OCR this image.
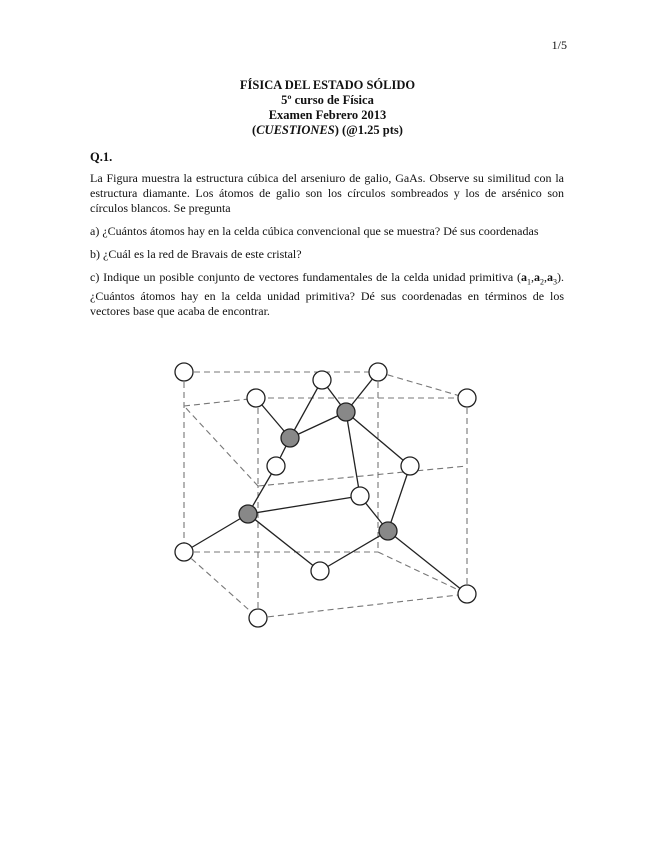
1/5
FÍSICA DEL ESTADO SÓLIDO
5º curso de Física
Examen Febrero 2013
(CUESTIONES) (@1.25 pts)
Q.1.

La Figura muestra la estructura cúbica del arseniuro de galio, GaAs. Observe su similitud con la estructura diamante. Los átomos de galio son los círculos sombreados y los de arsénico son círculos blancos. Se pregunta

a) ¿Cuántos átomos hay en la celda cúbica convencional que se muestra? Dé sus coordenadas

b) ¿Cuál es la red de Bravais de este cristal?

c) Indique un posible conjunto de vectores fundamentales de la celda unidad primitiva $(a_1,a_2,a_3)$. ¿Cuántos átomos hay en la celda unidad primitiva? Dé sus coordenadas en términos de los vectores base que acaba de encontrar.
